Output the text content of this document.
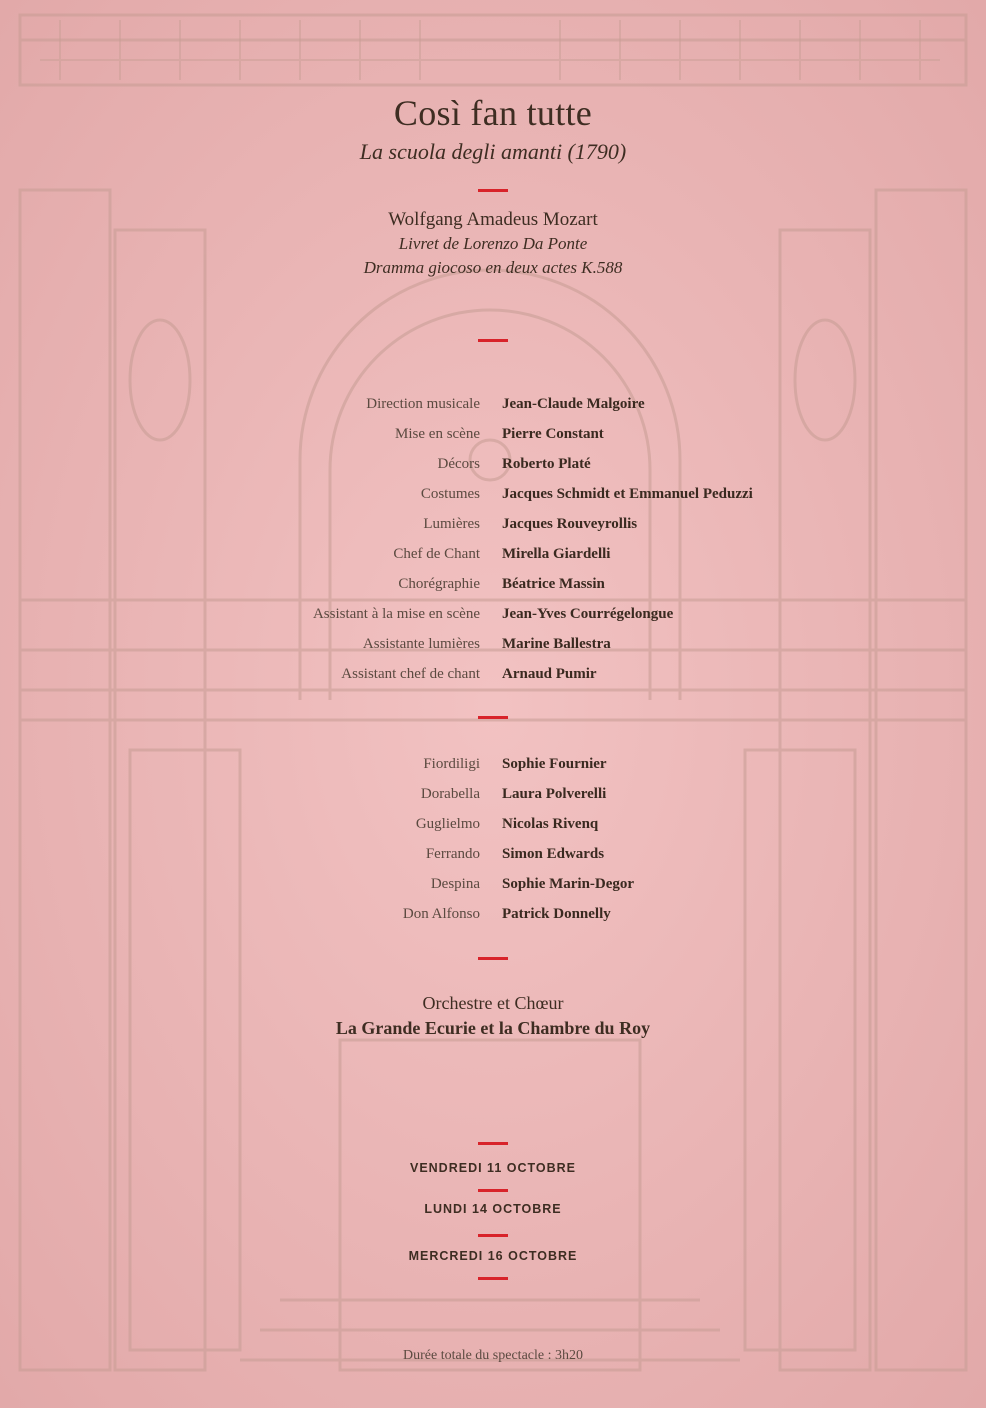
Così fan tutte
La scuola degli amanti (1790)
Wolfgang Amadeus Mozart
Livret de Lorenzo Da Ponte
Dramma giocoso en deux actes K.588
Direction musicale Jean-Claude Malgoire
Mise en scène Pierre Constant
Décors Roberto Platé
Costumes Jacques Schmidt et Emmanuel Peduzzi
Lumières Jacques Rouveyrollis
Chef de Chant Mirella Giardelli
Chorégraphie Béatrice Massin
Assistant à la mise en scène Jean-Yves Courrégelongue
Assistante lumières Marine Ballestra
Assistant chef de chant Arnaud Pumir
Fiordiligi Sophie Fournier
Dorabella Laura Polverelli
Guglielmo Nicolas Rivenq
Ferrando Simon Edwards
Despina Sophie Marin-Degor
Don Alfonso Patrick Donnelly
Orchestre et Chœur
La Grande Ecurie et la Chambre du Roy
VENDREDI 11 OCTOBRE
LUNDI 14 OCTOBRE
MERCREDI 16 OCTOBRE
Durée totale du spectacle : 3h20
